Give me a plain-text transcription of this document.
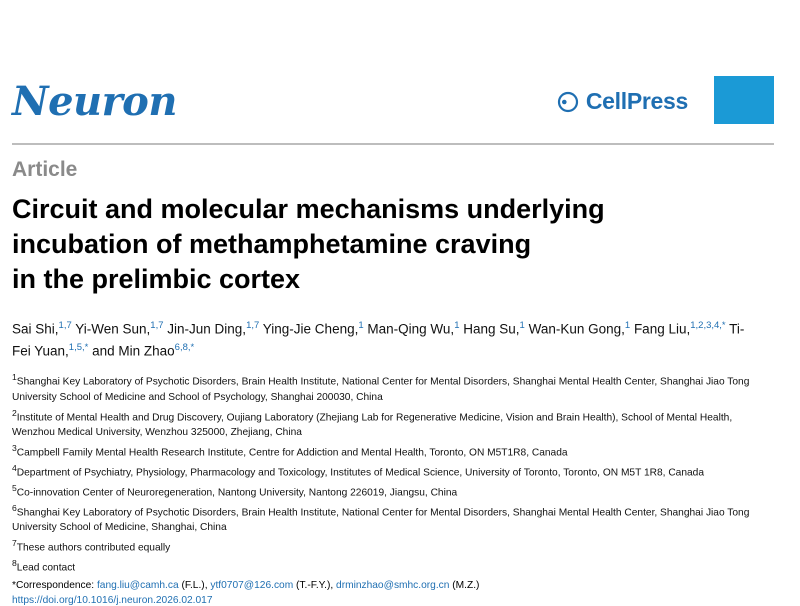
Neuron	CellPress
Article
Circuit and molecular mechanisms underlying
incubation of methamphetamine craving
in the prelimbic cortex
Sai Shi,$^{1,7}$ Yi-Wen Sun,$^{1,7}$ Jin-Jun Ding,$^{1,7}$ Ying-Jie Cheng,$^1$ Man-Qing Wu,$^1$ Hang Su,$^1$ Wan-Kun Gong,$^1$ Fang Liu,$^{1,2,3,4,*}$ Ti-Fei Yuan,$^{1,5,*}$ and Min Zhao$^{6,8,*}$
$^1$Shanghai Key Laboratory of Psychotic Disorders, Brain Health Institute, National Center for Mental Disorders, Shanghai Mental Health Center, Shanghai Jiao Tong University School of Medicine and School of Psychology, Shanghai 200030, China
$^2$Institute of Mental Health and Drug Discovery, Oujiang Laboratory (Zhejiang Lab for Regenerative Medicine, Vision and Brain Health), School of Mental Health, Wenzhou Medical University, Wenzhou 325000, Zhejiang, China
$^3$Campbell Family Mental Health Research Institute, Centre for Addiction and Mental Health, Toronto, ON M5T1R8, Canada
$^4$Department of Psychiatry, Physiology, Pharmacology and Toxicology, Institutes of Medical Science, University of Toronto, Toronto, ON M5T 1R8, Canada
$^5$Co-innovation Center of Neuroregeneration, Nantong University, Nantong 226019, Jiangsu, China
$^6$Shanghai Key Laboratory of Psychotic Disorders, Brain Health Institute, National Center for Mental Disorders, Shanghai Mental Health Center, Shanghai Jiao Tong University School of Medicine, Shanghai, China
$^7$These authors contributed equally
$^8$Lead contact
*Correspondence: fang.liu@camh.ca (F.L.), ytf0707@126.com (T.-F.Y.), drminzhao@smhc.org.cn (M.Z.)
https://doi.org/10.1016/j.neuron.2026.02.017
